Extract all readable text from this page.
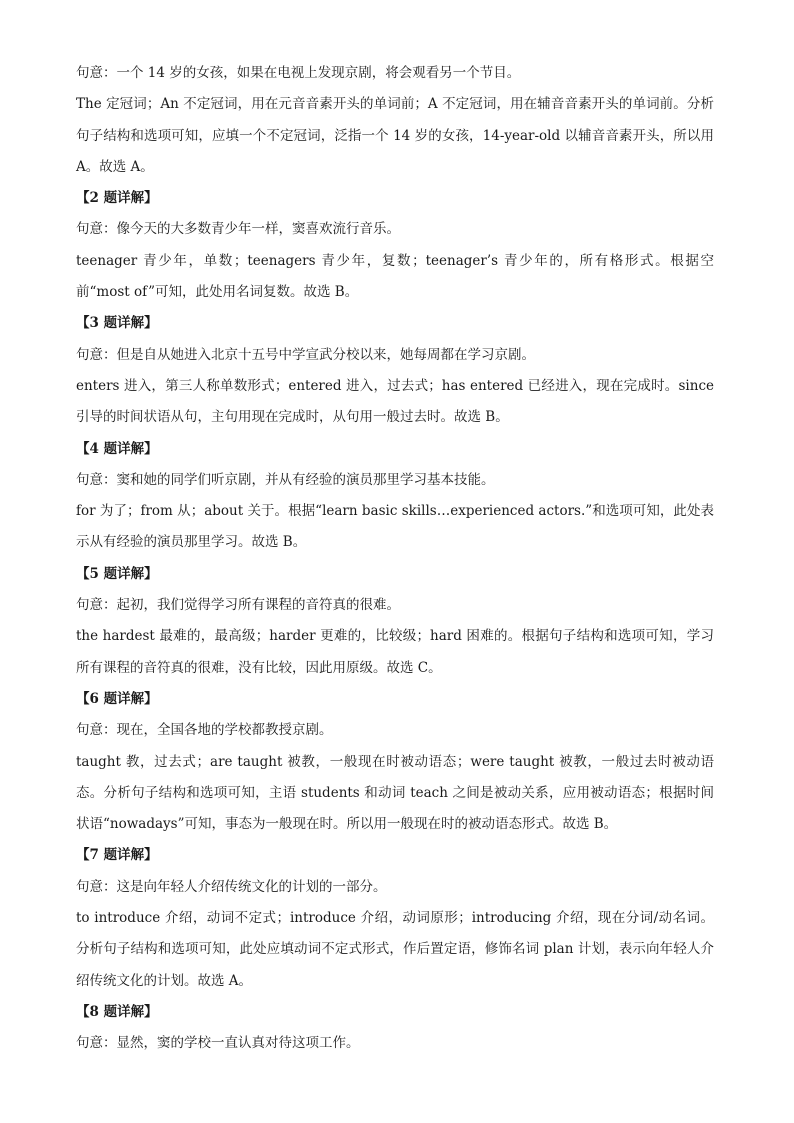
句意：一个 14 岁的女孩，如果在电视上发现京剧，将会观看另一个节目。

The 定冠词；An 不定冠词，用在元音音素开头的单词前；A 不定冠词，用在辅音音素开头的单词前。分析句子结构和选项可知，应填一个不定冠词，泛指一个 14 岁的女孩，14-year-old 以辅音音素开头，所以用 A。故选 A。

【2 题详解】

句意：像今天的大多数青少年一样，窦喜欢流行音乐。

teenager 青少年，单数；teenagers 青少年，复数；teenager’s 青少年的，所有格形式。根据空前“most of”可知，此处用名词复数。故选 B。

【3 题详解】

句意：但是自从她进入北京十五号中学宣武分校以来，她每周都在学习京剧。

enters 进入，第三人称单数形式；entered 进入，过去式；has entered 已经进入，现在完成时。since 引导的时间状语从句，主句用现在完成时，从句用一般过去时。故选 B。

【4 题详解】

句意：窦和她的同学们听京剧，并从有经验的演员那里学习基本技能。

for 为了；from 从；about 关于。根据“learn basic skills…experienced actors.”和选项可知，此处表示从有经验的演员那里学习。故选 B。

【5 题详解】

句意：起初，我们觉得学习所有课程的音符真的很难。

the hardest 最难的，最高级；harder 更难的，比较级；hard 困难的。根据句子结构和选项可知，学习所有课程的音符真的很难，没有比较，因此用原级。故选 C。

【6 题详解】

句意：现在，全国各地的学校都教授京剧。

taught 教，过去式；are taught 被教，一般现在时被动语态；were taught 被教，一般过去时被动语态。分析句子结构和选项可知，主语 students 和动词 teach 之间是被动关系，应用被动语态；根据时间状语“nowadays”可知，事态为一般现在时。所以用一般现在时的被动语态形式。故选 B。

【7 题详解】

句意：这是向年轻人介绍传统文化的计划的一部分。

to introduce 介绍，动词不定式；introduce 介绍，动词原形；introducing 介绍，现在分词/动名词。分析句子结构和选项可知，此处应填动词不定式形式，作后置定语，修饰名词 plan 计划，表示向年轻人介绍传统文化的计划。故选 A。

【8 题详解】

句意：显然，窦的学校一直认真对待这项工作。
